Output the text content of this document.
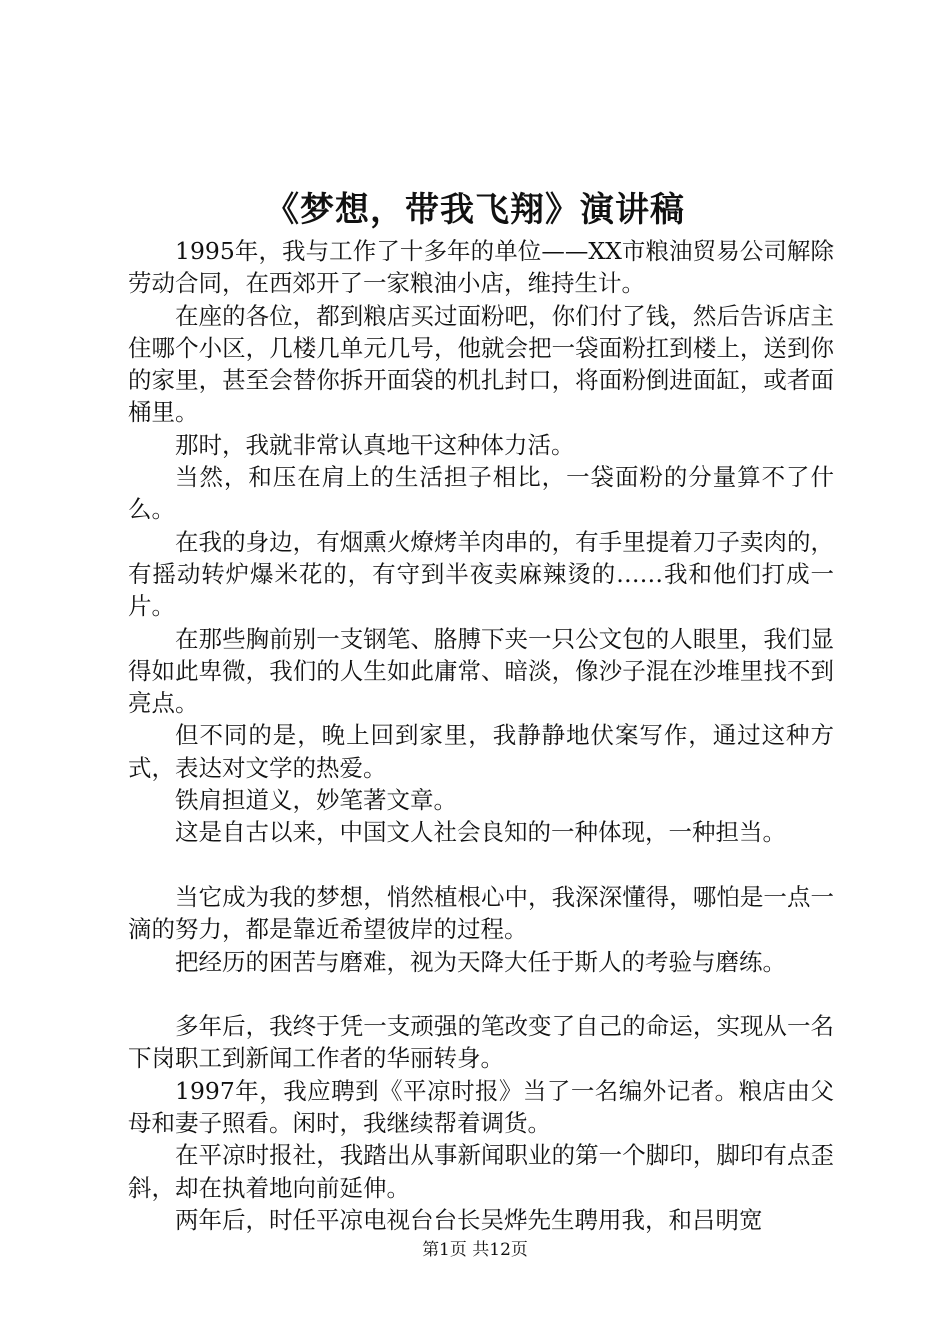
《梦想，带我飞翔》演讲稿

1995年，我与工作了十多年的单位——XX市粮油贸易公司解除劳动合同，在西郊开了一家粮油小店，维持生计。

在座的各位，都到粮店买过面粉吧，你们付了钱，然后告诉店主住哪个小区，几楼几单元几号，他就会把一袋面粉扛到楼上，送到你的家里，甚至会替你拆开面袋的机扎封口，将面粉倒进面缸，或者面桶里。

那时，我就非常认真地干这种体力活。

当然，和压在肩上的生活担子相比，一袋面粉的分量算不了什么。

在我的身边，有烟熏火燎烤羊肉串的，有手里提着刀子卖肉的，有摇动转炉爆米花的，有守到半夜卖麻辣烫的……我和他们打成一片。

在那些胸前别一支钢笔、胳膊下夹一只公文包的人眼里，我们显得如此卑微，我们的人生如此庸常、暗淡，像沙子混在沙堆里找不到亮点。

但不同的是，晚上回到家里，我静静地伏案写作，通过这种方式，表达对文学的热爱。

铁肩担道义，妙笔著文章。

这是自古以来，中国文人社会良知的一种体现，一种担当。

当它成为我的梦想，悄然植根心中，我深深懂得，哪怕是一点一滴的努力，都是靠近希望彼岸的过程。

把经历的困苦与磨难，视为天降大任于斯人的考验与磨练。

多年后，我终于凭一支顽强的笔改变了自己的命运，实现从一名下岗职工到新闻工作者的华丽转身。

1997年，我应聘到《平凉时报》当了一名编外记者。粮店由父母和妻子照看。闲时，我继续帮着调货。

在平凉时报社，我踏出从事新闻职业的第一个脚印，脚印有点歪斜，却在执着地向前延伸。

两年后，时任平凉电视台台长吴烨先生聘用我，和吕明宽

第1页 共12页
